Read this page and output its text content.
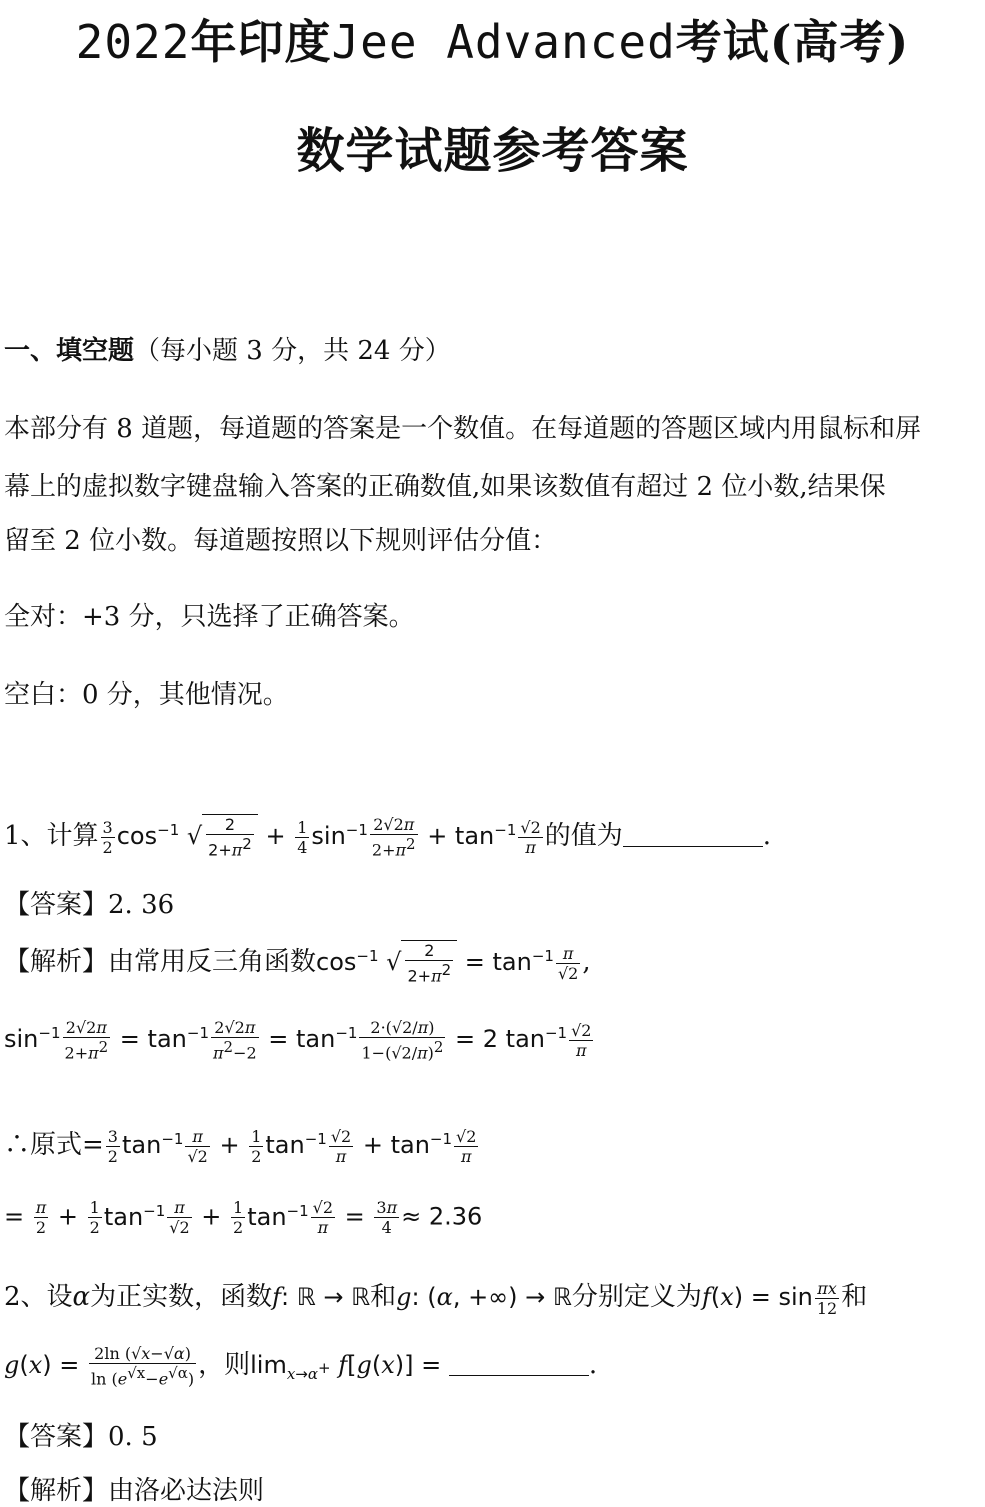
2022年印度Jee Advanced考试(高考)
数学试题参考答案
一、填空题（每小题 3 分，共 24 分）
本部分有 8 道题，每道题的答案是一个数值。在每道题的答题区域内用鼠标和屏
幕上的虚拟数字键盘输入答案的正确数值,如果该数值有超过 2 位小数,结果保
留至 2 位小数。每道题按照以下规则评估分值：
全对：+3 分，只选择了正确答案。
空白：0 分，其他情况。
1、计算 $\frac{3}{2} \cos^{-1}$ √ $\frac{2}{2+\pi 2} + \frac{1}{4} \sin^{-1} \frac{2√2\pi}{2+\pi 2} + \tan^{-1} \frac{√2}{\pi}$ 的值为	.
【答案】2. 36
【解析】由常用反三角函数$\cos^{-1}$ √ $\frac{2}{2+\pi 2} = \tan^{-1} \frac{\pi}{√2}$ ,
$\sin^{-1} \frac{2√2\pi}{2+\pi 2} = \tan^{-1} \frac{2√2\pi}{\pi 2-2} = \tan^{-1} \frac{2\cdot(√2/\pi)}{1-(√2/\pi)2} = 2$ $\tan^{-1} \frac{√2}{\pi}$
∴原式= $\frac{3}{2} \tan^{-1} \frac{\pi}{√2} + \frac{1}{2} \tan^{-1} \frac{√2}{\pi} + \tan^{-1} \frac{√2}{\pi}$
= $\frac{\pi}{2} + \frac{1}{2} \tan^{-1} \frac{\pi}{√2} + \frac{1}{2} \tan^{-1} \frac{√2}{\pi} = \frac{3\pi}{4} \approx 2.36$
2、设α为正实数，函数f: ℝ → ℝ和g: (α, +∞) → ℝ分别定义为$f(x) = \sin \frac{\pi x}{12}$ 和
$g(x) = \frac{2\ln (√x-√\alpha)}{\ln (e√x-e√\alpha)}$ ，则$\lim_{x\to\alpha+} f[g(x)]$ =	.
【答案】0. 5
【解析】由洛必达法则
